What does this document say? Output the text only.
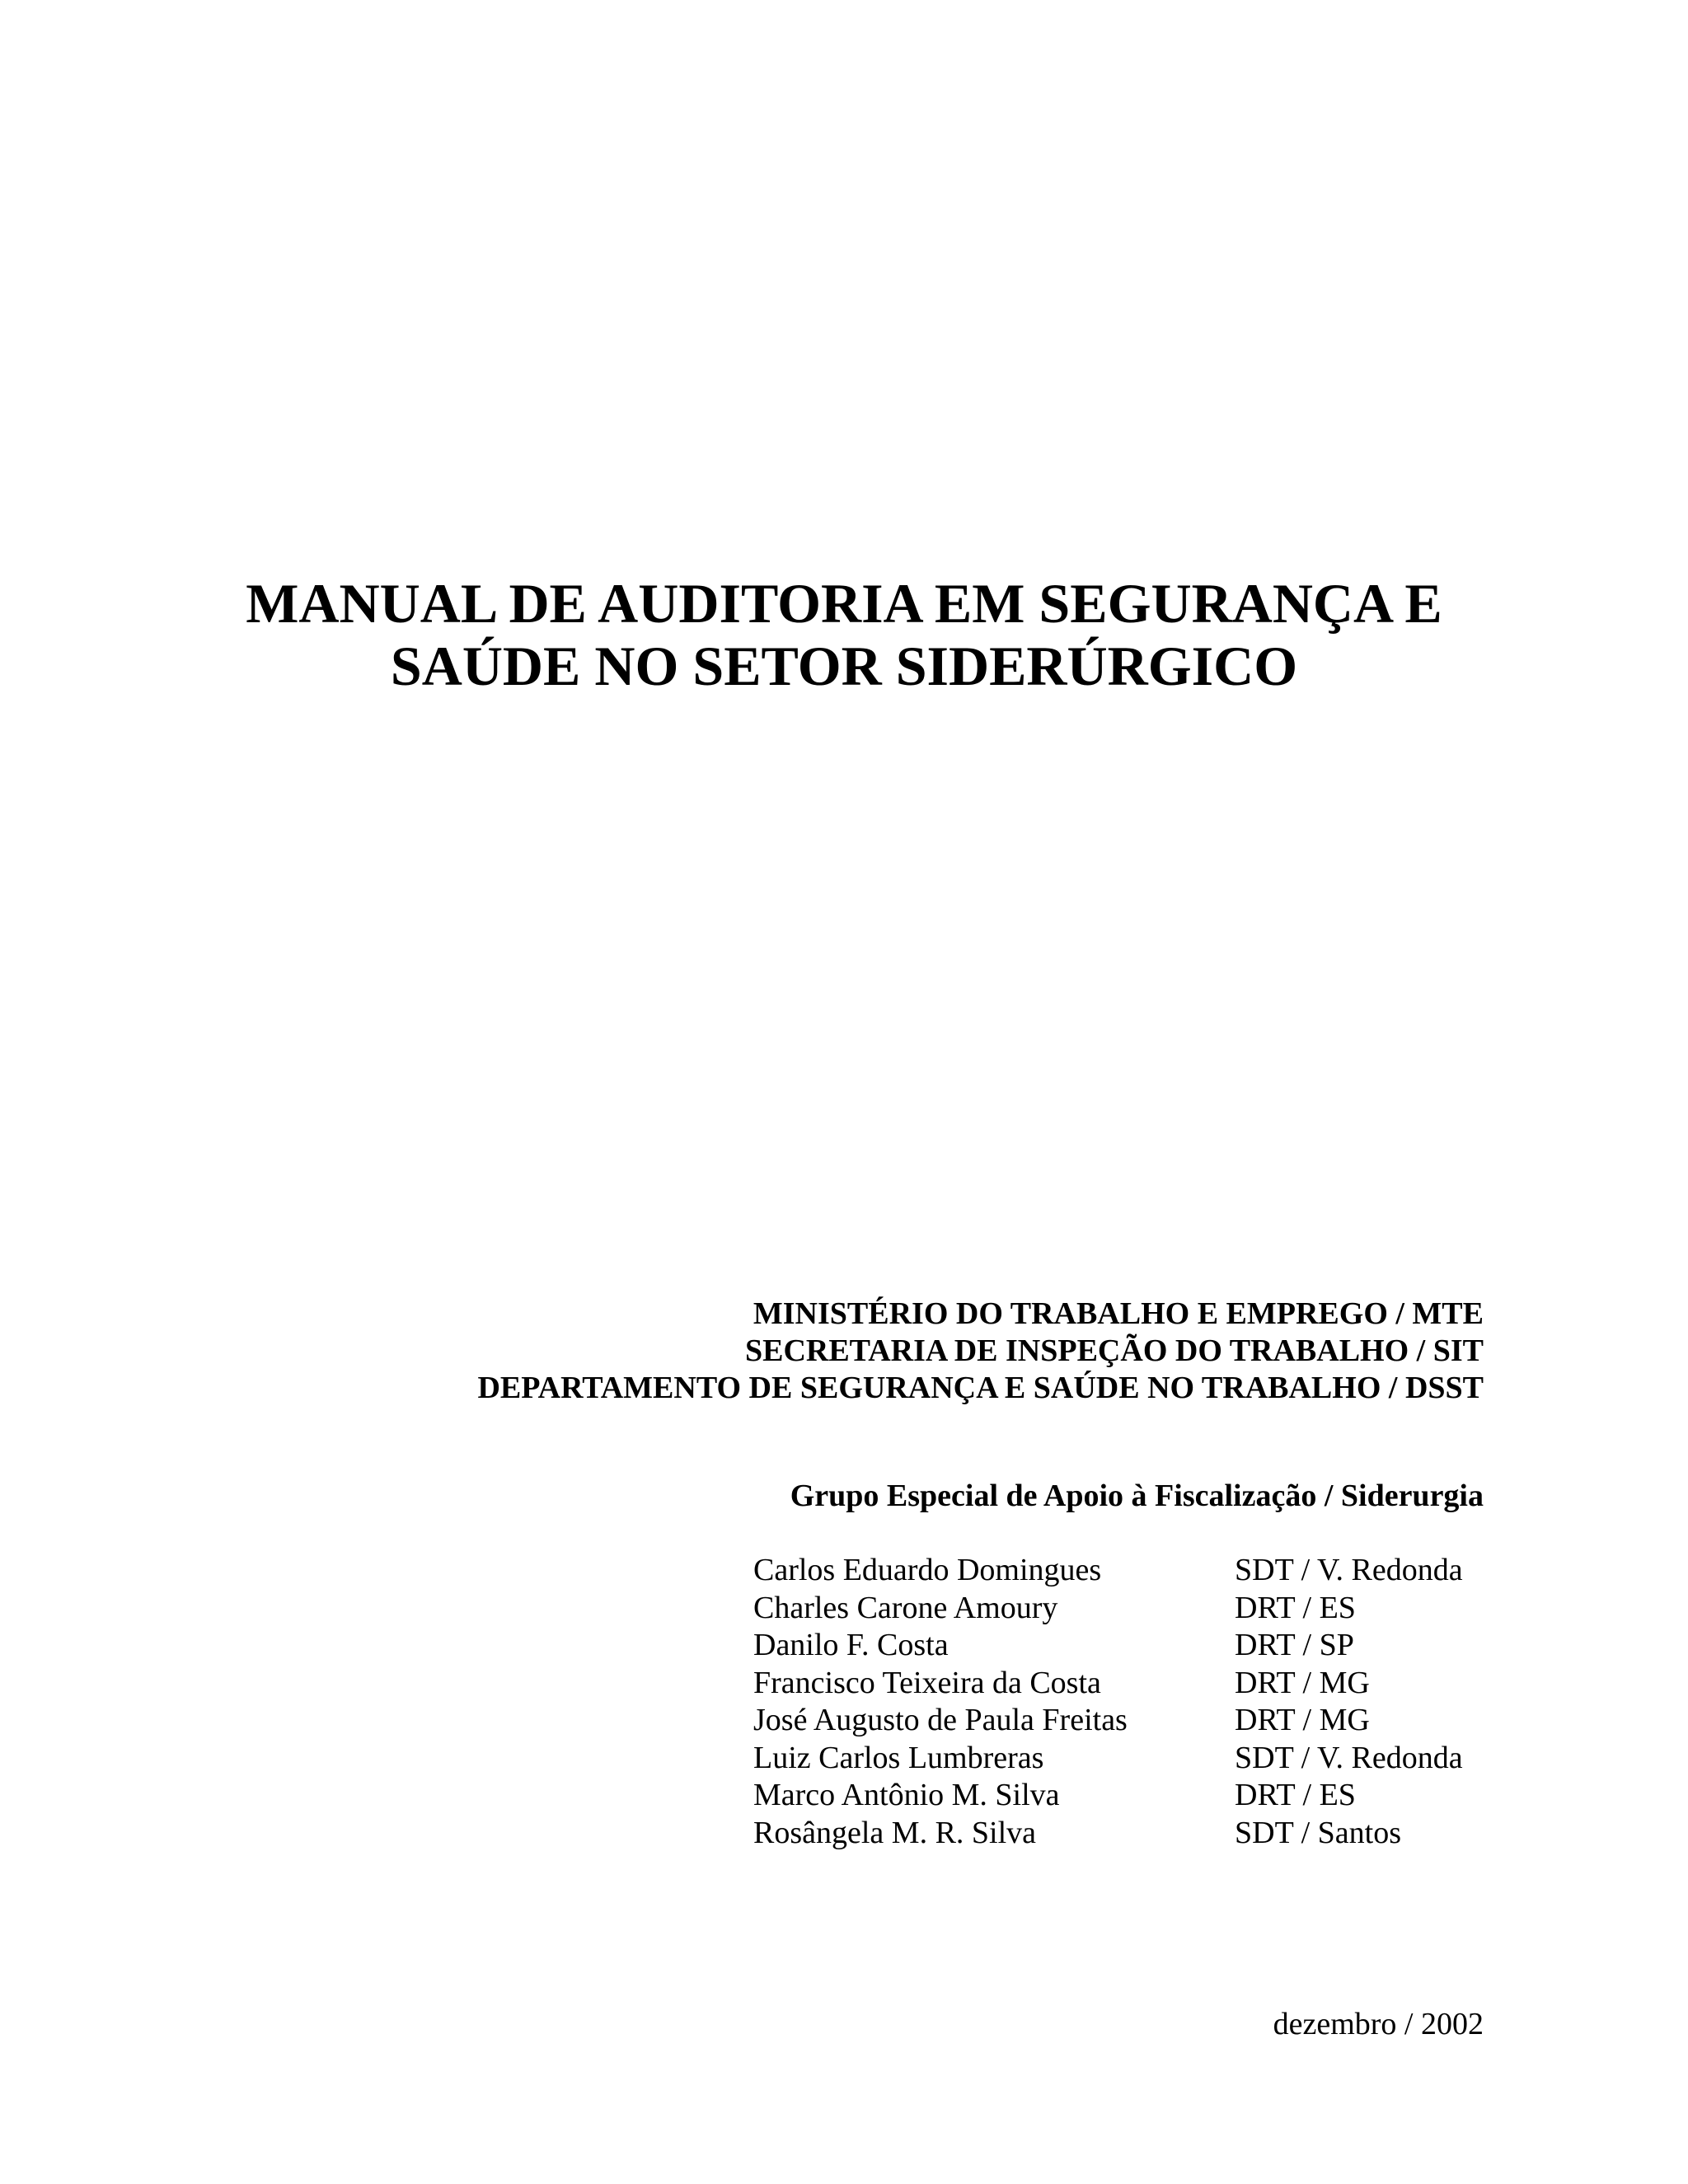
MANUAL DE AUDITORIA EM SEGURANÇA E
SAÚDE NO SETOR SIDERÚRGICO
MINISTÉRIO DO TRABALHO E EMPREGO / MTE
SECRETARIA DE INSPEÇÃO DO TRABALHO / SIT
DEPARTAMENTO DE SEGURANÇA E SAÚDE NO TRABALHO / DSST
Grupo Especial de Apoio à Fiscalização / Siderurgia
Carlos Eduardo Domingues	SDT / V. Redonda
Charles Carone Amoury	DRT / ES
Danilo F. Costa	DRT / SP
Francisco Teixeira da Costa	DRT / MG
José Augusto de Paula Freitas	DRT / MG
Luiz Carlos Lumbreras	SDT / V. Redonda
Marco Antônio M. Silva	DRT / ES
Rosângela M. R. Silva	SDT / Santos
dezembro / 2002
